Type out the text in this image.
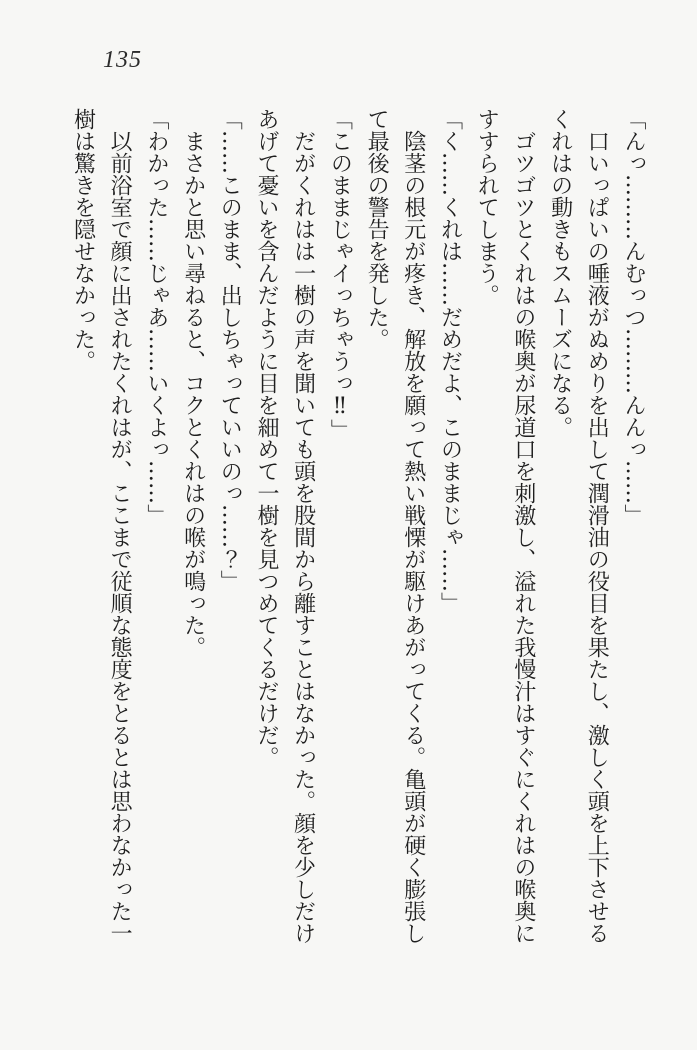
135

「んっ………んむっつ………んんっ……」

口いっぱいの唾液がぬめりを出して潤滑油の役目を果たし、激しく頭を上下させるくれはの動きもスムーズになる。

ゴツゴツとくれはの喉奥が尿道口を刺激し、溢れた我慢汁はすぐにくれはの喉奥にすすられてしまう。

「く……くれは……だめだよ、このままじゃ……」

陰茎の根元が疼き、解放を願って熱い戦慄が駆けあがってくる。亀頭が硬く膨張して最後の警告を発した。

「このままじゃイっちゃうっ‼」

だがくれはは一樹の声を聞いても頭を股間から離すことはなかった。顔を少しだけあげて憂いを含んだように目を細めて一樹を見つめてくるだけだ。

「……このまま、出しちゃっていいのっ……？」

まさかと思い尋ねると、コクとくれはの喉が鳴った。

「わかった……じゃあ……いくよっ……」

以前浴室で顔に出されたくれはが、ここまで従順な態度をとるとは思わなかった一樹は驚きを隠せなかった。
